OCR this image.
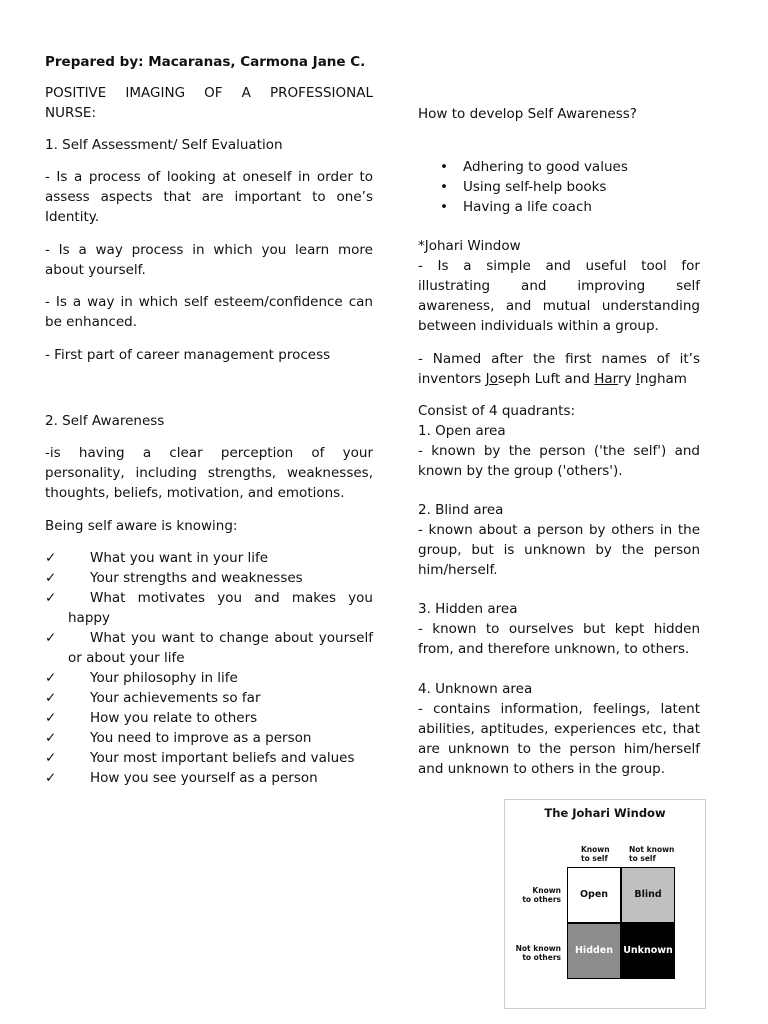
Prepared by: Macaranas, Carmona Jane C.

POSITIVE IMAGING OF A PROFESSIONAL

NURSE:

1. Self Assessment/ Self Evaluation

- Is a process of looking at oneself in order to assess aspects that are important to one’s Identity.

- Is a way process in which you learn more about yourself.

- Is a way in which self esteem/confidence can be enhanced.

- First part of career management process

2. Self Awareness

-is having a clear perception of your personality, including strengths, weaknesses, thoughts, beliefs, motivation, and emotions.

Being self aware is knowing:

✓	What you want in your life
✓	Your strengths and weaknesses
✓	What motivates you and makes you happy
✓	What you want to change about yourself or about your life
✓	Your philosophy in life
✓	Your achievements so far
✓	How you relate to others
✓	You need to improve as a person
✓	Your most important beliefs and values
✓	How you see yourself as a person

How to develop Self Awareness?

• Adhering to good values
• Using self-help books
• Having a life coach

*Johari Window

- Is a simple and useful tool for illustrating and improving self awareness, and mutual understanding between individuals within a group.

- Named after the first names of it’s

inventors Joseph Luft and Harry Ingham

Consist of 4 quadrants:

1. Open area

- known by the person ('the self') and known by the group ('others').

2. Blind area

- known about a person by others in the group, but is unknown by the person him/herself.

3. Hidden area

- known to ourselves but kept hidden from, and therefore unknown, to others.

4. Unknown area

- contains information, feelings, latent abilities, aptitudes, experiences etc, that are unknown to the person him/herself and unknown to others in the group.

The Johari Window
Known
to self
Not known
to self
Known
to others
Not known
to others
Open	Blind
Hidden	Unknown
